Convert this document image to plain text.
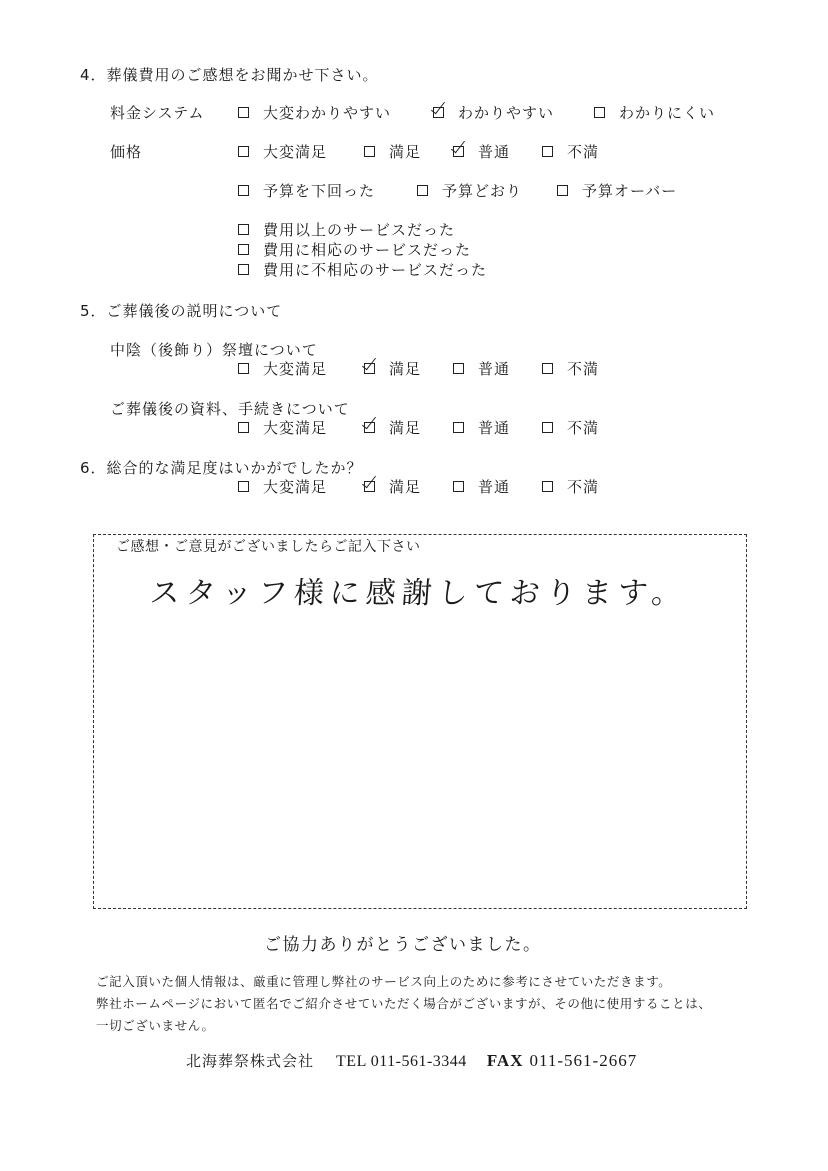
4．葬儀費用のご感想をお聞かせ下さい。
料金システム	大変わかりやすい	わかりやすい	わかりにくい
価格	大変満足	満足	普通	不満
予算を下回った	予算どおり	予算オーバー
費用以上のサービスだった
費用に相応のサービスだった
費用に不相応のサービスだった
5．ご葬儀後の説明について
中陰（後飾り）祭壇について
大変満足	満足	普通	不満
ご葬儀後の資料、手続きについて
大変満足	満足	普通	不満
6．総合的な満足度はいかがでしたか？
大変満足	満足	普通	不満
ご感想・ご意見がございましたらご記入下さい
スタッフ様に感謝しております。
ご協力ありがとうございました。
ご記入頂いた個人情報は、厳重に管理し弊社のサービス向上のために参考にさせていただきます。
弊社ホームページにおいて匿名でご紹介させていただく場合がございますが、その他に使用することは、
一切ございません。
北海葬祭株式会社 TEL 011-561-3344 FAX 011-561-2667
